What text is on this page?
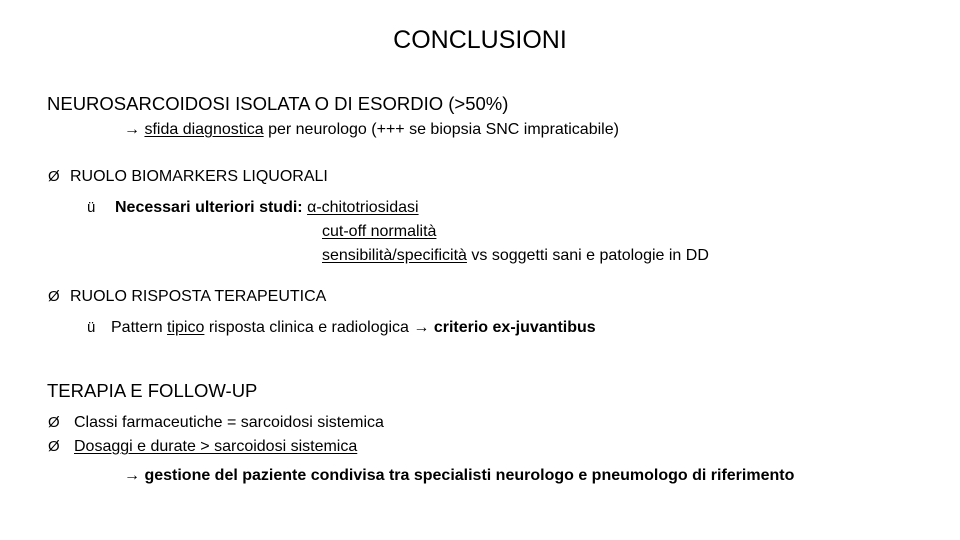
CONCLUSIONI
NEUROSARCOIDOSI ISOLATA O DI ESORDIO (>50%)
→ sfida diagnostica per neurologo (+++ se biopsia SNC impraticabile)
Ø RUOLO BIOMARKERS LIQUORALI
ü Necessari ulteriori studi: α-chitotriosidasi
cut-off normalità
sensibilità/specificità vs soggetti sani e patologie in DD
Ø RUOLO RISPOSTA TERAPEUTICA
ü Pattern tipico risposta clinica e radiologica → criterio ex-juvantibus
TERAPIA E FOLLOW-UP
Ø Classi farmaceutiche = sarcoidosi sistemica
Ø Dosaggi e durate > sarcoidosi sistemica
→ gestione del paziente condivisa tra specialisti neurologo e pneumologo di riferimento
